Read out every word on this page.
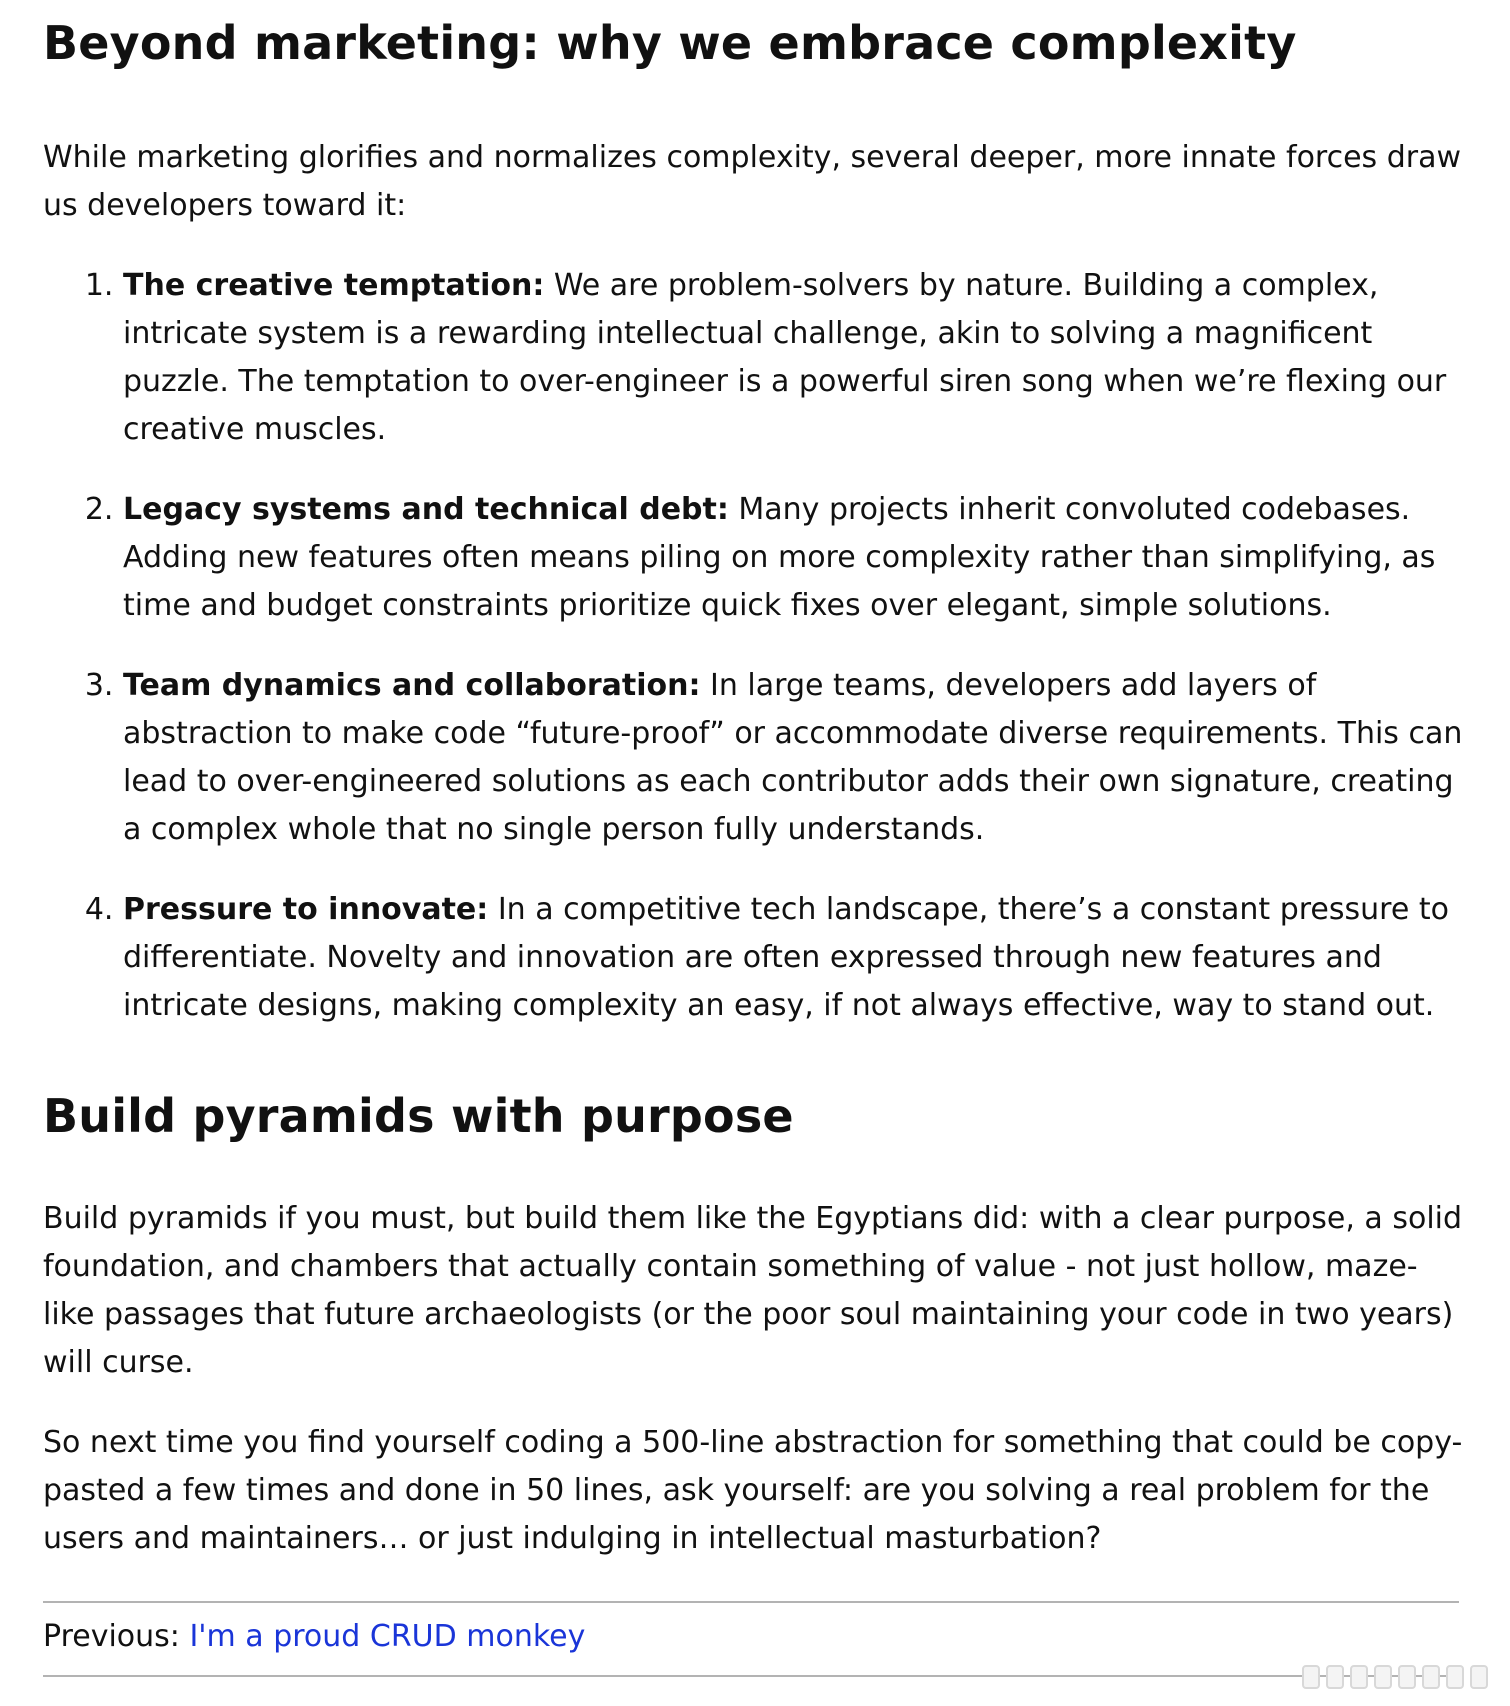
Beyond marketing: why we embrace complexity

While marketing glorifies and normalizes complexity, several deeper, more innate forces draw us developers toward it:

1. The creative temptation: We are problem-solvers by nature. Building a complex, intricate system is a rewarding intellectual challenge, akin to solving a magnificent puzzle. The temptation to over-engineer is a powerful siren song when we’re flexing our creative muscles.
2. Legacy systems and technical debt: Many projects inherit convoluted codebases. Adding new features often means piling on more complexity rather than simplifying, as time and budget constraints prioritize quick fixes over elegant, simple solutions.
3. Team dynamics and collaboration: In large teams, developers add layers of abstraction to make code “future-proof” or accommodate diverse requirements. This can lead to over-engineered solutions as each contributor adds their own signature, creating a complex whole that no single person fully understands.
4. Pressure to innovate: In a competitive tech landscape, there’s a constant pressure to differentiate. Novelty and innovation are often expressed through new features and intricate designs, making complexity an easy, if not always effective, way to stand out.
Build pyramids with purpose

Build pyramids if you must, but build them like the Egyptians did: with a clear purpose, a solid foundation, and chambers that actually contain something of value - not just hollow, maze-like passages that future archaeologists (or the poor soul maintaining your code in two years) will curse.

So next time you find yourself coding a 500-line abstraction for something that could be copy-pasted a few times and done in 50 lines, ask yourself: are you solving a real problem for the users and maintainers… or just indulging in intellectual masturbation?

Previous: I'm a proud CRUD monkey
